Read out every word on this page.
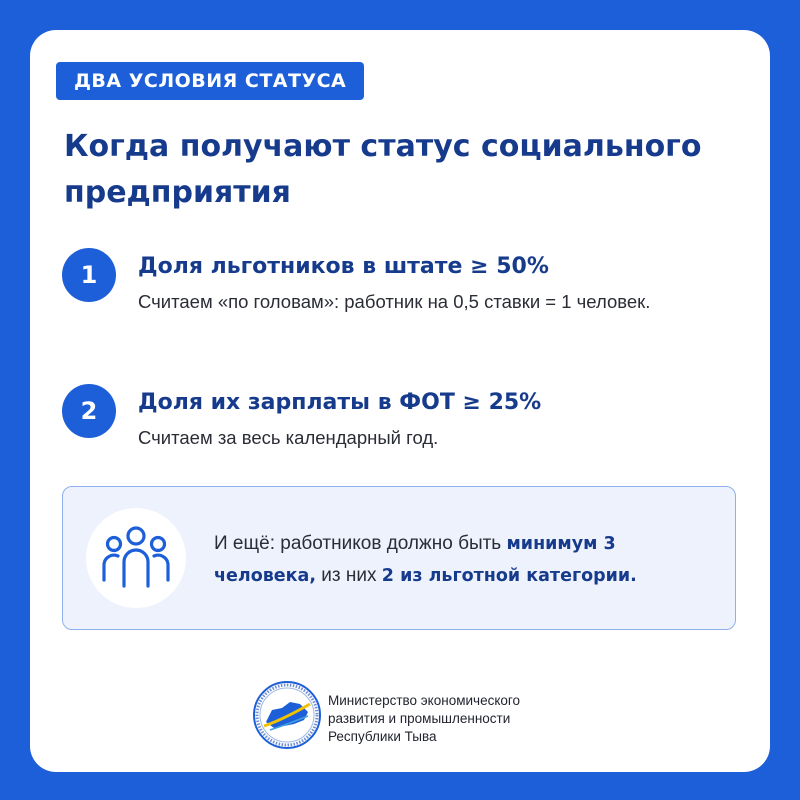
ДВА УСЛОВИЯ СТАТУСА
Когда получают статус социального предприятия
1	Доля льготников в штате ≥ 50%
Считаем «по головам»: работник на 0,5 ставки = 1 человек.
2	Доля их зарплаты в ФОТ ≥ 25%
Считаем за весь календарный год.
И ещё: работников должно быть минимум 3 человека, из них 2 из льготной категории.
Министерство экономического
развития и промышленности
Республики Тыва
